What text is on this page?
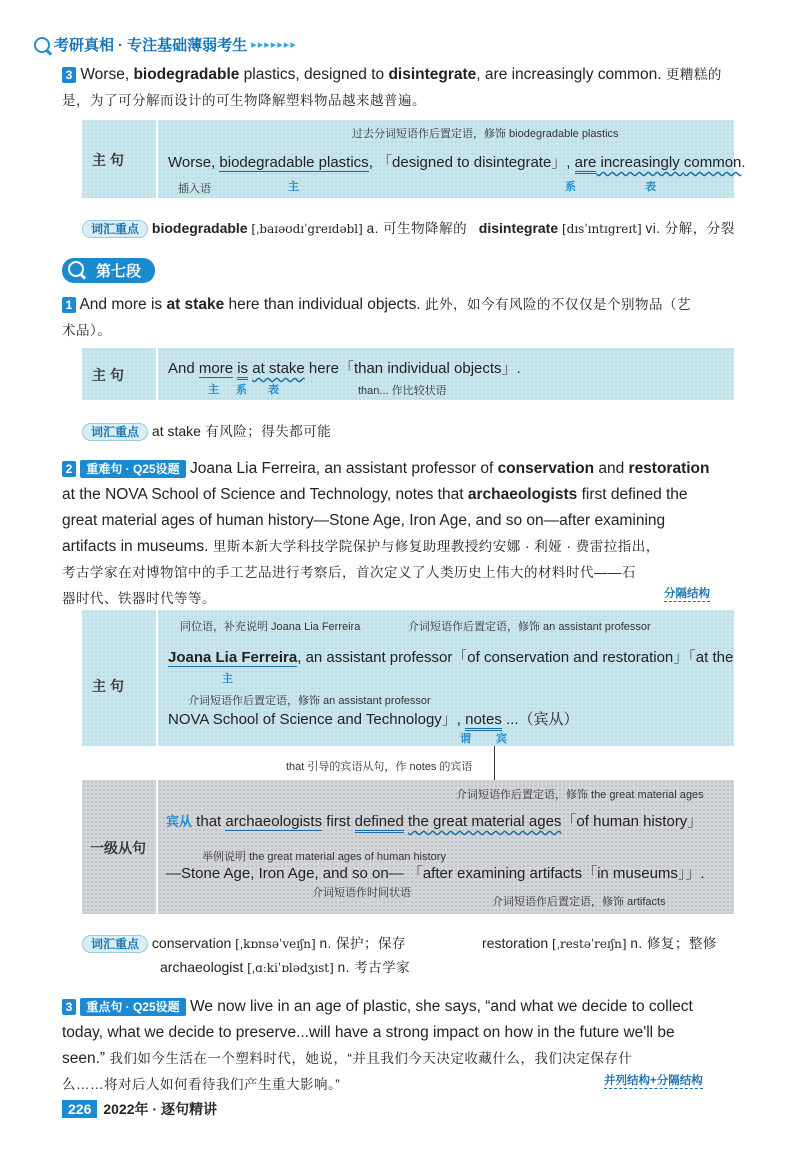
考研真相 · 专注基础薄弱考生 ▸▸▸▸▸▸▸
3 Worse, biodegradable plastics, designed to disintegrate, are increasingly common. 更糟糕的
是，为了可分解而设计的可生物降解塑料物品越来越普遍。
主 句
过去分词短语作后置定语，修饰 biodegradable plastics
Worse, biodegradable plastics, 「designed to disintegrate」, are increasingly common.
插入语	主	系	表
词汇重点 biodegradable [ˌbaɪəʊdɪˈgreɪdəbl] a. 可生物降解的 disintegrate [dɪsˈɪntɪgreɪt] vi. 分解，分裂
第七段
1 And more is at stake here than individual objects. 此外，如今有风险的不仅仅是个别物品（艺
术品）。
主 句	And more is at stake here「than individual objects」.
主 系 表	than... 作比较状语
词汇重点 at stake 有风险；得失都可能
2 重难句 · Q25设题 Joana Lia Ferreira, an assistant professor of conservation and restoration
at the NOVA School of Science and Technology, notes that archaeologists first defined the
great material ages of human history—Stone Age, Iron Age, and so on—after examining
artifacts in museums. 里斯本新大学科技学院保护与修复助理教授约安娜 · 利娅 · 费雷拉指出，
考古学家在对博物馆中的手工艺品进行考察后，首次定义了人类历史上伟大的材料时代——石
器时代、铁器时代等等。	分隔结构
主 句
同位语，补充说明 Joana Lia Ferreira	介词短语作后置定语，修饰 an assistant professor
Joana Lia Ferreira, an assistant professor「of conservation and restoration」「at the
主
介词短语作后置定语，修饰 an assistant professor
NOVA School of Science and Technology」, notes ...（宾从）
谓 宾
that 引导的宾语从句，作 notes 的宾语
一级从句
介词短语作后置定语，修饰 the great material ages
宾从 that archaeologists first defined the great material ages「of human history」
举例说明 the great material ages of human history
—Stone Age, Iron Age, and so on— 「after examining artifacts「in museums」」.
介词短语作时间状语
介词短语作后置定语，修饰 artifacts
词汇重点 conservation [ˌkɒnsəˈveɪʃn] n. 保护；保存	restoration [ˌrestəˈreɪʃn] n. 修复；整修
archaeologist [ˌɑːkiˈɒlədʒɪst] n. 考古学家
3 重点句 · Q25设题 We now live in an age of plastic, she says, “and what we decide to collect
today, what we decide to preserve...will have a strong impact on how in the future we'll be
seen.” 我们如今生活在一个塑料时代，她说，“并且我们今天决定收藏什么，我们决定保存什
么……将对后人如何看待我们产生重大影响。”	并列结构+分隔结构
226 2022年 · 逐句精讲
